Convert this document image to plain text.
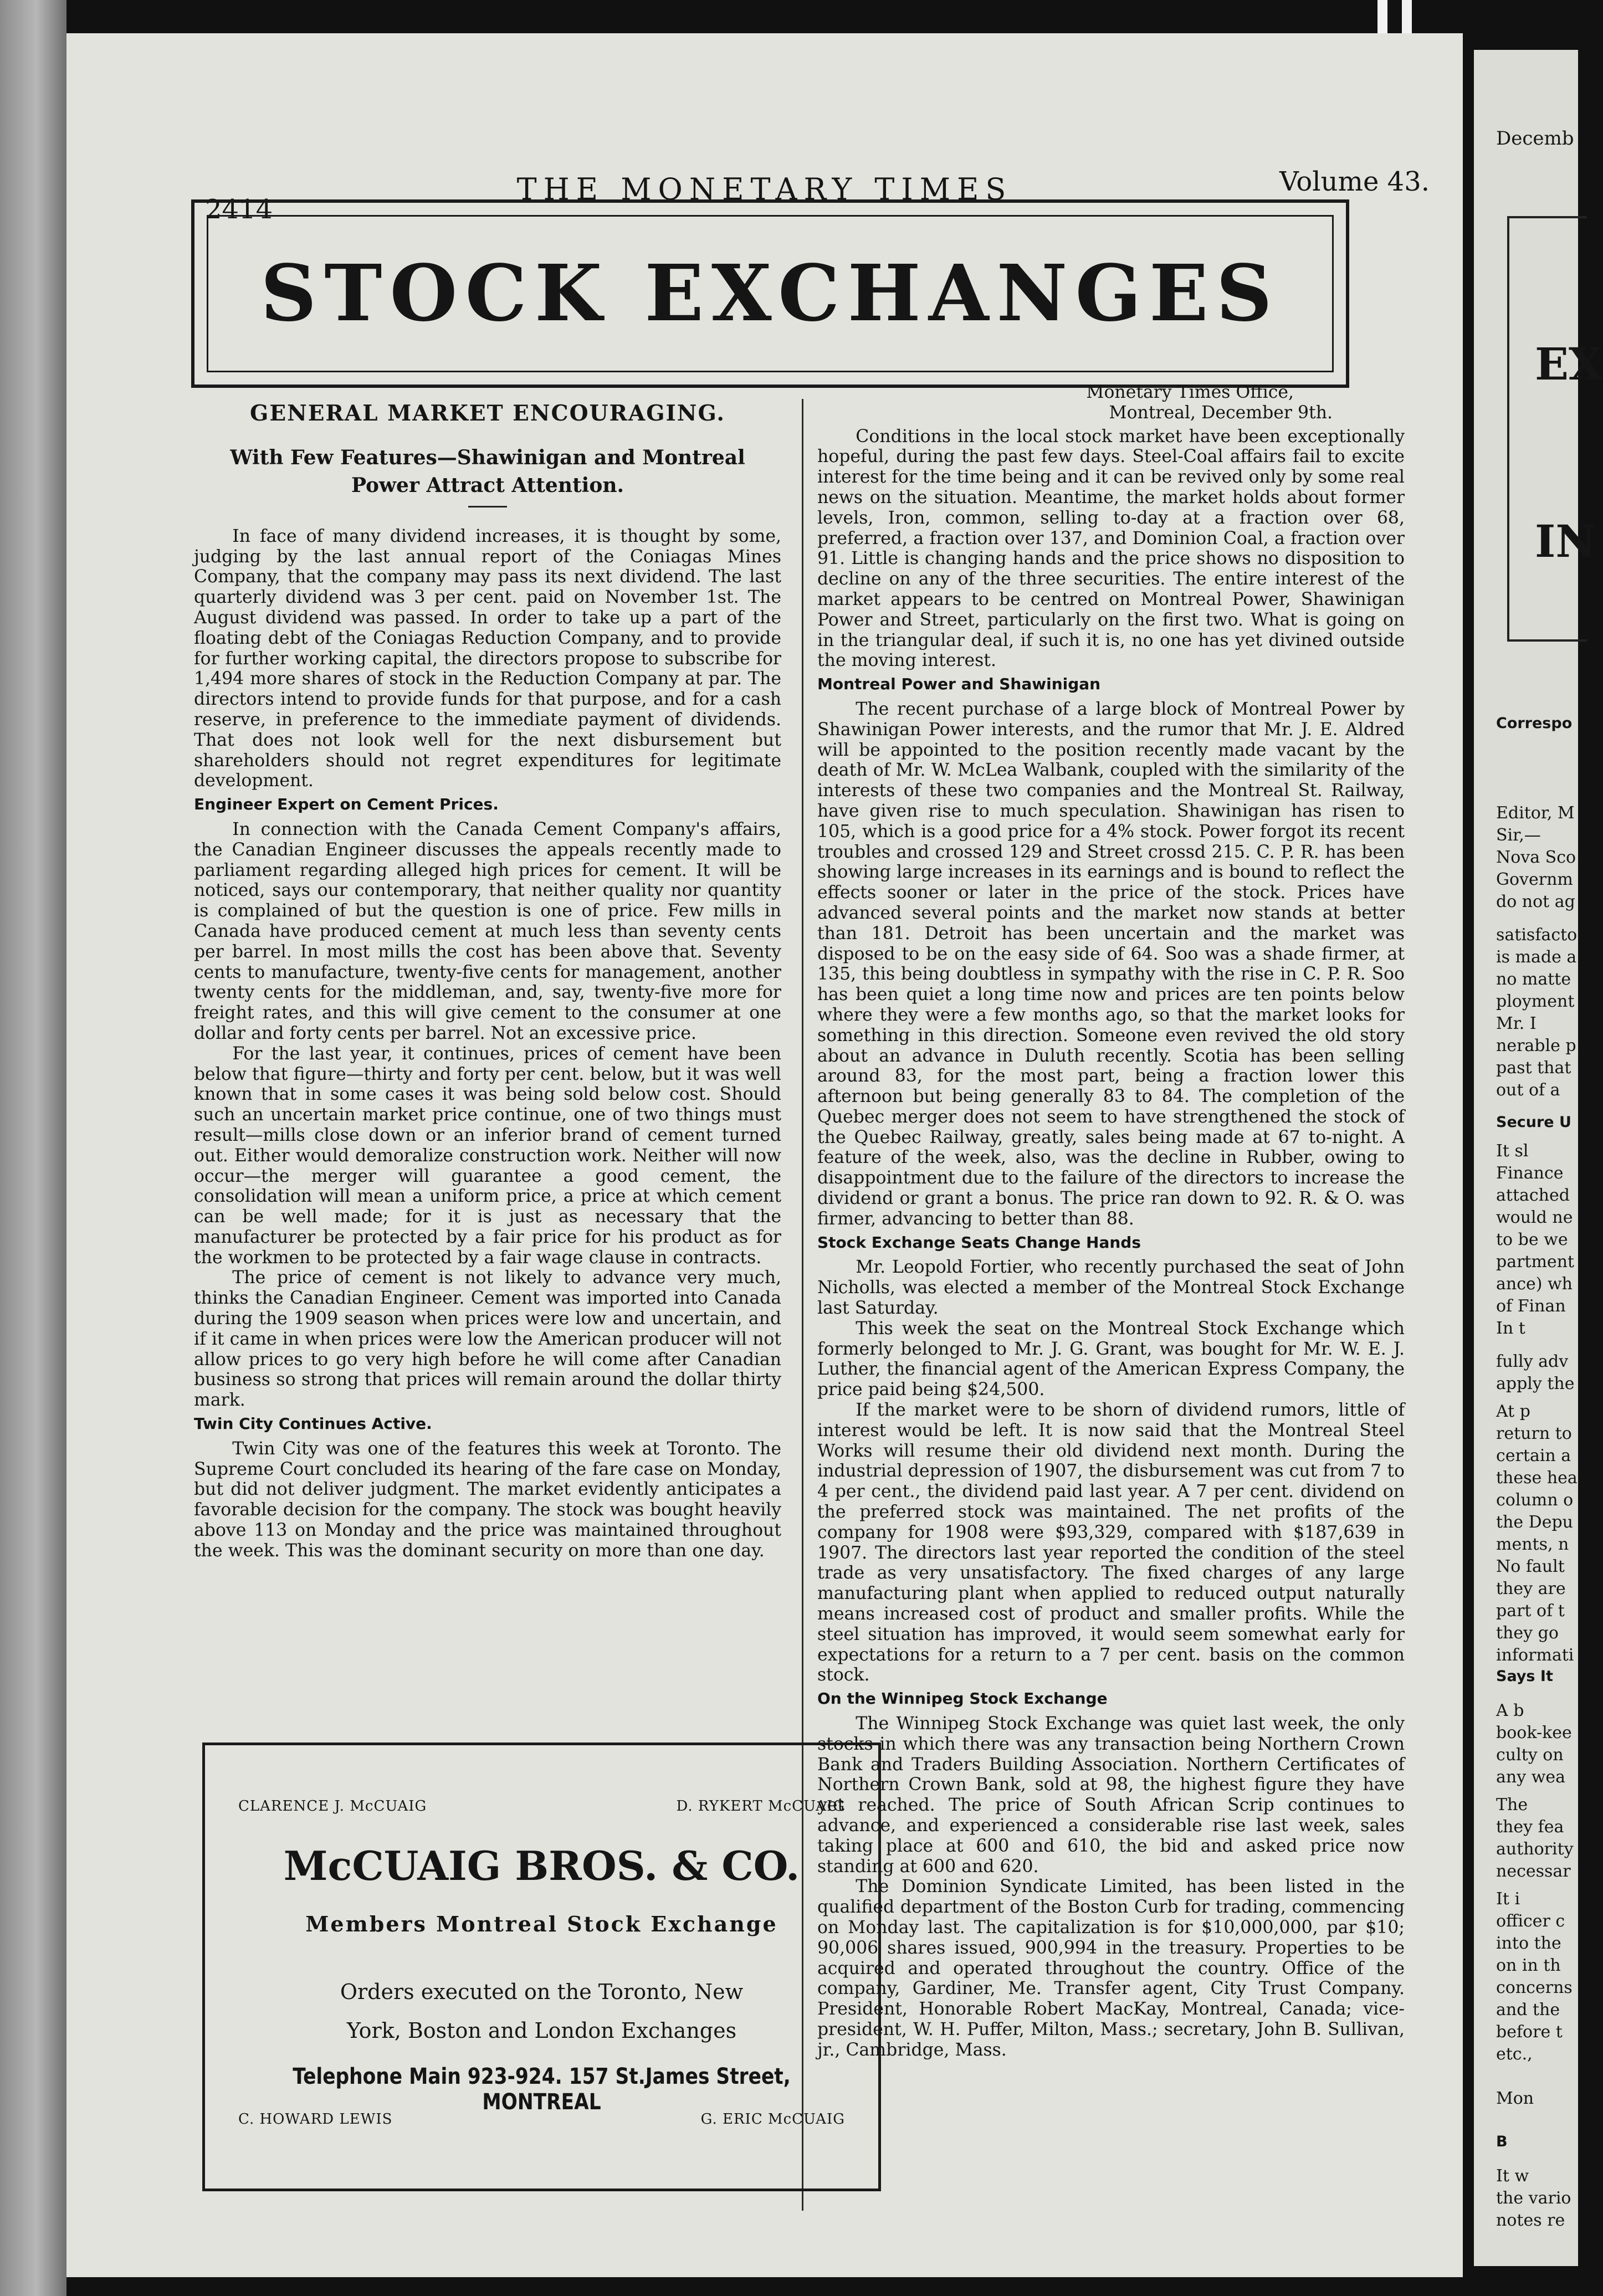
2414
THE MONETARY TIMES	Volume 43.
STOCK EXCHANGES
GENERAL MARKET ENCOURAGING.
With Few Features—Shawinigan and Montreal Power Attract Attention.

In face of many dividend increases, it is thought by some, judging by the last annual report of the Coniagas Mines Company, that the company may pass its next dividend. The last quarterly dividend was 3 per cent. paid on November 1st. The August dividend was passed. In order to take up a part of the floating debt of the Coniagas Reduction Company, and to provide for further working capital, the directors propose to subscribe for 1,494 more shares of stock in the Reduction Company at par. The directors intend to provide funds for that purpose, and for a cash reserve, in preference to the immediate payment of dividends. That does not look well for the next disbursement but shareholders should not regret expenditures for legitimate development.

Engineer Expert on Cement Prices.

In connection with the Canada Cement Company's affairs, the Canadian Engineer discusses the appeals recently made to parliament regarding alleged high prices for cement. It will be noticed, says our contemporary, that neither quality nor quantity is complained of but the question is one of price. Few mills in Canada have produced cement at much less than seventy cents per barrel. In most mills the cost has been above that. Seventy cents to manufacture, twenty-five cents for management, another twenty cents for the middleman, and, say, twenty-five more for freight rates, and this will give cement to the consumer at one dollar and forty cents per barrel. Not an excessive price.

For the last year, it continues, prices of cement have been below that figure—thirty and forty per cent. below, but it was well known that in some cases it was being sold below cost. Should such an uncertain market price continue, one of two things must result—mills close down or an inferior brand of cement turned out. Either would demoralize construction work. Neither will now occur—the merger will guarantee a good cement, the consolidation will mean a uniform price, a price at which cement can be well made; for it is just as necessary that the manufacturer be protected by a fair price for his product as for the workmen to be protected by a fair wage clause in contracts.

The price of cement is not likely to advance very much, thinks the Canadian Engineer. Cement was imported into Canada during the 1909 season when prices were low and uncertain, and if it came in when prices were low the American producer will not allow prices to go very high before he will come after Canadian business so strong that prices will remain around the dollar thirty mark.

Twin City Continues Active.

Twin City was one of the features this week at Toronto. The Supreme Court concluded its hearing of the fare case on Monday, but did not deliver judgment. The market evidently anticipates a favorable decision for the company. The stock was bought heavily above 113 on Monday and the price was maintained throughout the week. This was the dominant security on more than one day.

CLARENCE J. McCUAIG	D. RYKERT McCUAIG
McCUAIG BROS. & CO.
Members Montreal Stock Exchange
Orders executed on the Toronto, New
York, Boston and London Exchanges
Telephone Main 923-924. 157 St.James Street, MONTREAL
C. HOWARD LEWIS	G. ERIC McCUAIG
Monetary Times Office,
Montreal, December 9th.

Conditions in the local stock market have been exceptionally hopeful, during the past few days. Steel-Coal affairs fail to excite interest for the time being and it can be revived only by some real news on the situation. Meantime, the market holds about former levels, Iron, common, selling to-day at a fraction over 68, preferred, a fraction over 137, and Dominion Coal, a fraction over 91. Little is changing hands and the price shows no disposition to decline on any of the three securities. The entire interest of the market appears to be centred on Montreal Power, Shawinigan Power and Street, particularly on the first two. What is going on in the triangular deal, if such it is, no one has yet divined outside the moving interest.

Montreal Power and Shawinigan

The recent purchase of a large block of Montreal Power by Shawinigan Power interests, and the rumor that Mr. J. E. Aldred will be appointed to the position recently made vacant by the death of Mr. W. McLea Walbank, coupled with the similarity of the interests of these two companies and the Montreal St. Railway, have given rise to much speculation. Shawinigan has risen to 105, which is a good price for a 4% stock. Power forgot its recent troubles and crossed 129 and Street crossd 215. C. P. R. has been showing large increases in its earnings and is bound to reflect the effects sooner or later in the price of the stock. Prices have advanced several points and the market now stands at better than 181. Detroit has been uncertain and the market was disposed to be on the easy side of 64. Soo was a shade firmer, at 135, this being doubtless in sympathy with the rise in C. P. R. Soo has been quiet a long time now and prices are ten points below where they were a few months ago, so that the market looks for something in this direction. Someone even revived the old story about an advance in Duluth recently. Scotia has been selling around 83, for the most part, being a fraction lower this afternoon but being generally 83 to 84. The completion of the Quebec merger does not seem to have strengthened the stock of the Quebec Railway, greatly, sales being made at 67 to-night. A feature of the week, also, was the decline in Rubber, owing to disappointment due to the failure of the directors to increase the dividend or grant a bonus. The price ran down to 92. R. & O. was firmer, advancing to better than 88.

Stock Exchange Seats Change Hands

Mr. Leopold Fortier, who recently purchased the seat of John Nicholls, was elected a member of the Montreal Stock Exchange last Saturday.

This week the seat on the Montreal Stock Exchange which formerly belonged to Mr. J. G. Grant, was bought for Mr. W. E. J. Luther, the financial agent of the American Express Company, the price paid being $24,500.

If the market were to be shorn of dividend rumors, little of interest would be left. It is now said that the Montreal Steel Works will resume their old dividend next month. During the industrial depression of 1907, the disbursement was cut from 7 to 4 per cent., the dividend paid last year. A 7 per cent. dividend on the preferred stock was maintained. The net profits of the company for 1908 were $93,329, compared with $187,639 in 1907. The directors last year reported the condition of the steel trade as very unsatisfactory. The fixed charges of any large manufacturing plant when applied to reduced output naturally means increased cost of product and smaller profits. While the steel situation has improved, it would seem somewhat early for expectations for a return to a 7 per cent. basis on the common stock.

On the Winnipeg Stock Exchange

The Winnipeg Stock Exchange was quiet last week, the only stocks in which there was any transaction being Northern Crown Bank and Traders Building Association. Northern Certificates of Northern Crown Bank, sold at 98, the highest figure they have yet reached. The price of South African Scrip continues to advance, and experienced a considerable rise last week, sales taking place at 600 and 610, the bid and asked price now standing at 600 and 620.

The Dominion Syndicate Limited, has been listed in the qualified department of the Boston Curb for trading, commencing on Monday last. The capitalization is for $10,000,000, par $10; 90,006 shares issued, 900,994 in the treasury. Properties to be acquired and operated throughout the country. Office of the company, Gardiner, Me. Transfer agent, City Trust Company. President, Honorable Robert MacKay, Montreal, Canada; vice-president, W. H. Puffer, Milton, Mass.; secretary, John B. Sullivan, jr., Cambridge, Mass.

Decemb
EX
IN
Correspo
Editor, M
Sir,—
Nova Sco
Governm
do not ag
satisfacto
is made a
no matte
ployment
Mr. I
nerable p
past that
out of a
Secure U
It sl
Finance
attached
would ne
to be we
partment
ance) wh
of Finan
In t
fully adv
apply the
At p
return to
certain a
these hea
column o
the Depu
ments, n
No fault
they are
part of t
they go
informati
Says It
A b
book-kee
culty on
any wea
The
they fea
authority
necessar
It i
officer c
into the
on in th
concerns
and the
before t
etc.,
Mon
B
It w
the vario
notes re
